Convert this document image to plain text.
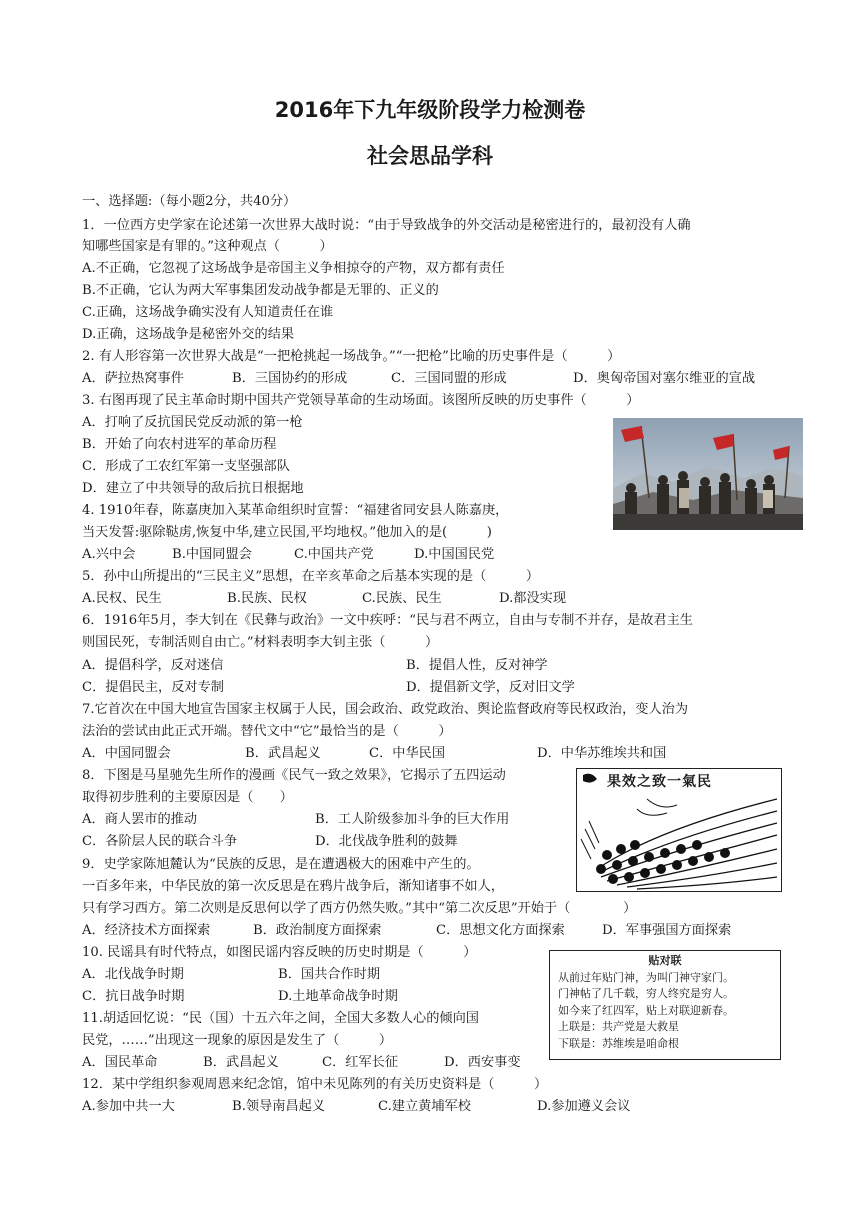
2016年下九年级阶段学力检测卷
社会思品学科
一、选择题:（每小题2分，共40分）
1．一位西方史学家在论述第一次世界大战时说：“由于导致战争的外交活动是秘密进行的，最初没有人确
知哪些国家是有罪的。”这种观点（　　　）
A.不正确，它忽视了这场战争是帝国主义争相掠夺的产物，双方都有责任
B.不正确，它认为两大军事集团发动战争都是无罪的、正义的
C.正确，这场战争确实没有人知道责任在谁
D.正确，这场战争是秘密外交的结果
2. 有人形容第一次世界大战是“一把枪挑起一场战争。”“一把枪”比喻的历史事件是（　　　）
A．萨拉热窝事件	B．三国协约的形成	C．三国同盟的形成	D．奥匈帝国对塞尔维亚的宣战
3. 右图再现了民主革命时期中国共产党领导革命的生动场面。该图所反映的历史事件（　　　）
A．打响了反抗国民党反动派的第一枪
B．开始了向农村进军的革命历程
C．形成了工农红军第一支坚强部队
D．建立了中共领导的敌后抗日根据地
4. 1910年春，陈嘉庚加入某革命组织时宣誓：“福建省同安县人陈嘉庚，
当天发誓:驱除鞑虏,恢复中华,建立民国,平均地权。”他加入的是(　　　)
A.兴中会	B.中国同盟会	C.中国共产党	D.中国国民党
5．孙中山所提出的“三民主义”思想，在辛亥革命之后基本实现的是（　　　）
A.民权、民生	B.民族、民权	C.民族、民生	D.都没实现
6．1916年5月，李大钊在《民彝与政治》一文中疾呼：“民与君不两立，自由与专制不并存，是故君主生
则国民死，专制活则自由亡。”材料表明李大钊主张（　　　）
A．提倡科学，反对迷信	B．提倡人性，反对神学
C．提倡民主，反对专制	D．提倡新文学，反对旧文学
7.它首次在中国大地宣告国家主权属于人民，国会政治、政党政治、舆论监督政府等民权政治，变人治为
法治的尝试由此正式开端。替代文中“它”最恰当的是（　　　）
A．中国同盟会	B．武昌起义	C．中华民国	D．中华苏维埃共和国
8．下图是马星驰先生所作的漫画《民气一致之效果》，它揭示了五四运动
取得初步胜利的主要原因是（　　）
A．商人罢市的推动	B．工人阶级参加斗争的巨大作用
C．各阶层人民的联合斗争	D．北伐战争胜利的鼓舞
果效之致一氣民
9．史学家陈旭麓认为“民族的反思，是在遭遇极大的困难中产生的。
一百多年来，中华民放的第一次反思是在鸦片战争后，渐知诸事不如人，
只有学习西方。第二次则是反思何以学了西方仍然失败。”其中“第二次反思”开始于（　　　　）
A．经济技术方面探索	B．政治制度方面探索	C．思想文化方面探索	D．军事强国方面探索
10. 民谣具有时代特点，如图民谣内容反映的历史时期是（　　　）
A．北伐战争时期	B．国共合作时期
C．抗日战争时期	D.土地革命战争时期
贴对联
从前过年贴门神，为叫门神守家门。
门神帖了几千载，穷人终究是穷人。
如今来了红四军，贴上对联迎新春。
上联是：共产党是大救星
下联是：苏维埃是咱命根
11.胡适回忆说：“民（国）十五六年之间，全国大多数人心的倾向国
民党，……”出现这一现象的原因是发生了（　　　）
A．国民革命	B．武昌起义	C．红军长征	D．西安事变
12．某中学组织参观周恩来纪念馆，馆中未见陈列的有关历史资料是（　　　）
A.参加中共一大	B.领导南昌起义	C.建立黄埔军校	D.参加遵义会议
